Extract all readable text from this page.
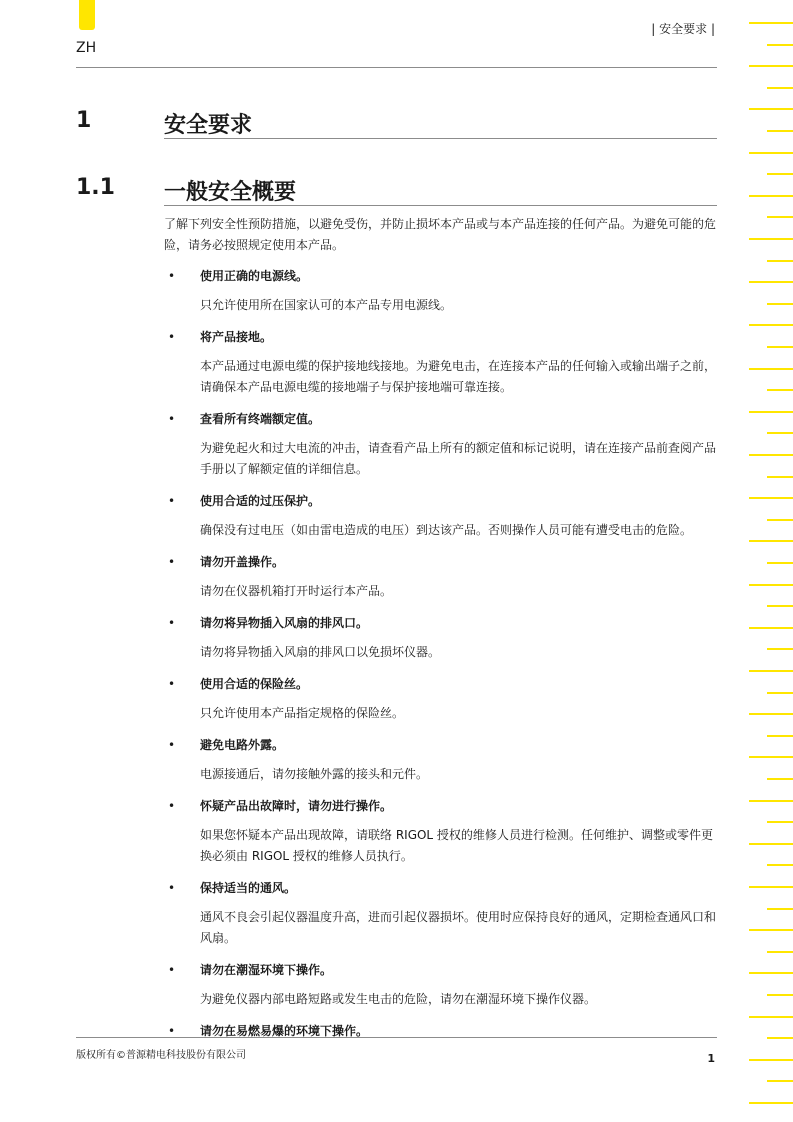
ZH
| 安全要求 |
1	安全要求
1.1 一般安全概要
了解下列安全性预防措施，以避免受伤，并防止损坏本产品或与本产品连接的任何产品。为避免可能的危险，请务必按照规定使用本产品。
•	使用正确的电源线。
只允许使用所在国家认可的本产品专用电源线。
•	将产品接地。
本产品通过电源电缆的保护接地线接地。为避免电击，在连接本产品的任何输入或输出端子之前，请确保本产品电源电缆的接地端子与保护接地端可靠连接。
•	查看所有终端额定值。
为避免起火和过大电流的冲击，请查看产品上所有的额定值和标记说明，请在连接产品前查阅产品手册以了解额定值的详细信息。
•	使用合适的过压保护。
确保没有过电压（如由雷电造成的电压）到达该产品。否则操作人员可能有遭受电击的危险。
•	请勿开盖操作。
请勿在仪器机箱打开时运行本产品。
•	请勿将异物插入风扇的排风口。
请勿将异物插入风扇的排风口以免损坏仪器。
•	使用合适的保险丝。
只允许使用本产品指定规格的保险丝。
•	避免电路外露。
电源接通后，请勿接触外露的接头和元件。
•	怀疑产品出故障时，请勿进行操作。
如果您怀疑本产品出现故障，请联络 RIGOL 授权的维修人员进行检测。任何维护、调整或零件更换必须由 RIGOL 授权的维修人员执行。
•	保持适当的通风。
通风不良会引起仪器温度升高，进而引起仪器损坏。使用时应保持良好的通风，定期检查通风口和风扇。
•	请勿在潮湿环境下操作。
为避免仪器内部电路短路或发生电击的危险，请勿在潮湿环境下操作仪器。
•	请勿在易燃易爆的环境下操作。
版权所有©普源精电科技股份有限公司	1
